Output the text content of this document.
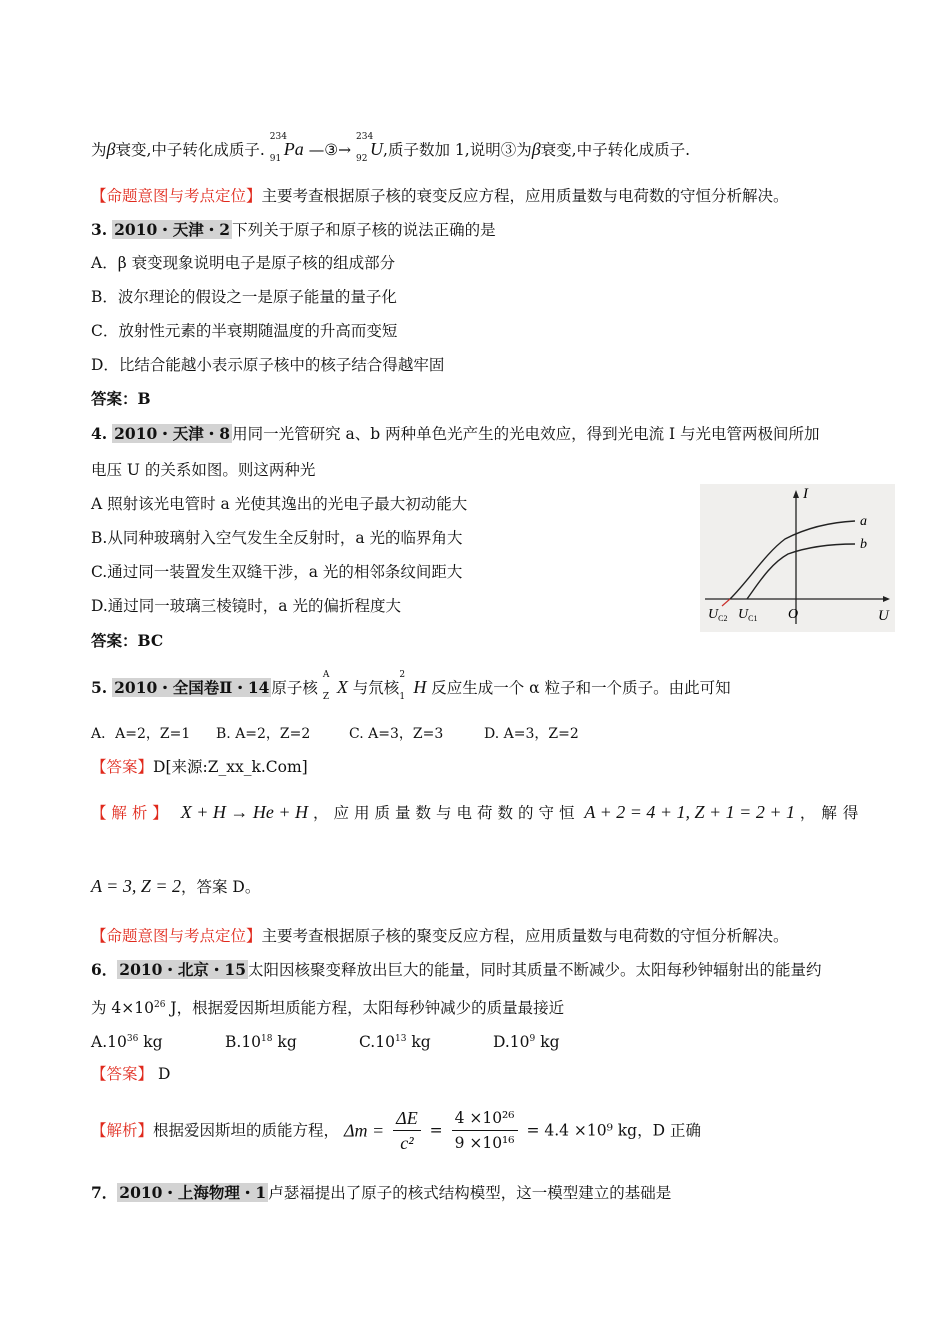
为β衰变,中子转化成质子.
234
91 Pa —③→
234
92 U,质子数加 1,说明③为β衰变,中子转化成质子.
【命题意图与考点定位】主要考查根据原子核的衰变反应方程，应用质量数与电荷数的守恒分析解决。
3. 2010・天津・2 下列关于原子和原子核的说法正确的是
A．β 衰变现象说明电子是原子核的组成部分
B．波尔理论的假设之一是原子能量的量子化
C．放射性元素的半衰期随温度的升高而变短
D．比结合能越小表示原子核中的核子结合得越牢固
答案：B
4. 2010・天津・8 用同一光管研究 a、b 两种单色光产生的光电效应，得到光电流 I 与光电管两极间所加
电压 U 的关系如图。则这两种光
A 照射该光电管时 a 光使其逸出的光电子最大初动能大
B.从同种玻璃射入空气发生全反射时，a 光的临界角大
C.通过同一装置发生双缝干涉，a 光的相邻条纹间距大
D.通过同一玻璃三棱镜时，a 光的偏折程度大
答案：BC
I
U
O
a
b
$U_{C2}$ $U_{C1}$
5. 2010・全国卷Ⅱ・14 原子核
A
Z X 与氘核
2
1 H 反应生成一个 α 粒子和一个质子。由此可知
A．A=2，Z=1 B. A=2，Z=2	C. A=3，Z=3	D. A=3，Z=2
【答案】D[来源:Z_xx_k.Com]
【 解 析 】 X + H → He + H ，应用质量数与电荷数的守恒 A + 2 = 4 + 1, Z + 1 = 2 + 1 ，解得
A = 3, Z = 2，答案 D。
【命题意图与考点定位】主要考查根据原子核的聚变反应方程，应用质量数与电荷数的守恒分析解决。
6． 2010・北京・15 太阳因核聚变释放出巨大的能量，同时其质量不断减少。太阳每秒钟辐射出的能量约
为 $4\times 10^{26}$ J，根据爱因斯坦质能方程，太阳每秒钟减少的质量最接近
$A.10^{36}$ kg	$B.10^{18}$ kg	$C.10^{13}$ kg	$D.10^9$ kg
【答案】 D
【解析】根据爱因斯坦的质能方程， $\Delta m = \frac{\Delta E}{\text{c²}} = \frac{\text{4 ×10²⁶}}{\text{9 ×10¹⁶}} = 4.4 \times 10^9$ kg，D 正确
7． 2010・上海物理・1 卢瑟福提出了原子的核式结构模型，这一模型建立的基础是
